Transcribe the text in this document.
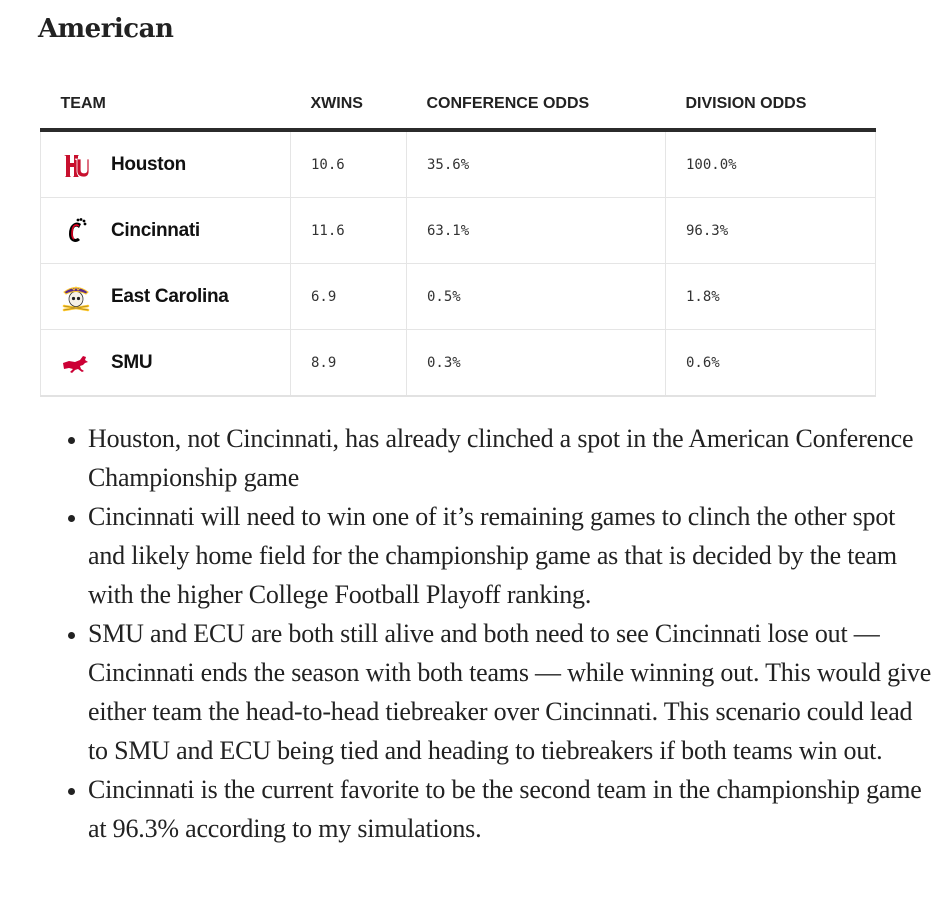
American
TEAM	XWINS	CONFERENCE ODDS	DIVISION ODDS

Houston	10.6	35.6%	100.0%

Cincinnati	11.6	63.1%	96.3%

East Carolina	6.9	0.5%	1.8%

SMU	8.9	0.3%	0.6%
• Houston, not Cincinnati, has already clinched a spot in the American Conference Championship game
• Cincinnati will need to win one of it’s remaining games to clinch the other spot and likely home field for the championship game as that is decided by the team with the higher College Football Playoff ranking.
• SMU and ECU are both still alive and both need to see Cincinnati lose out — Cincinnati ends the season with both teams — while winning out. This would give either team the head-to-head tiebreaker over Cincinnati. This scenario could lead to SMU and ECU being tied and heading to tiebreakers if both teams win out.
• Cincinnati is the current favorite to be the second team in the championship game at 96.3% according to my simulations.
